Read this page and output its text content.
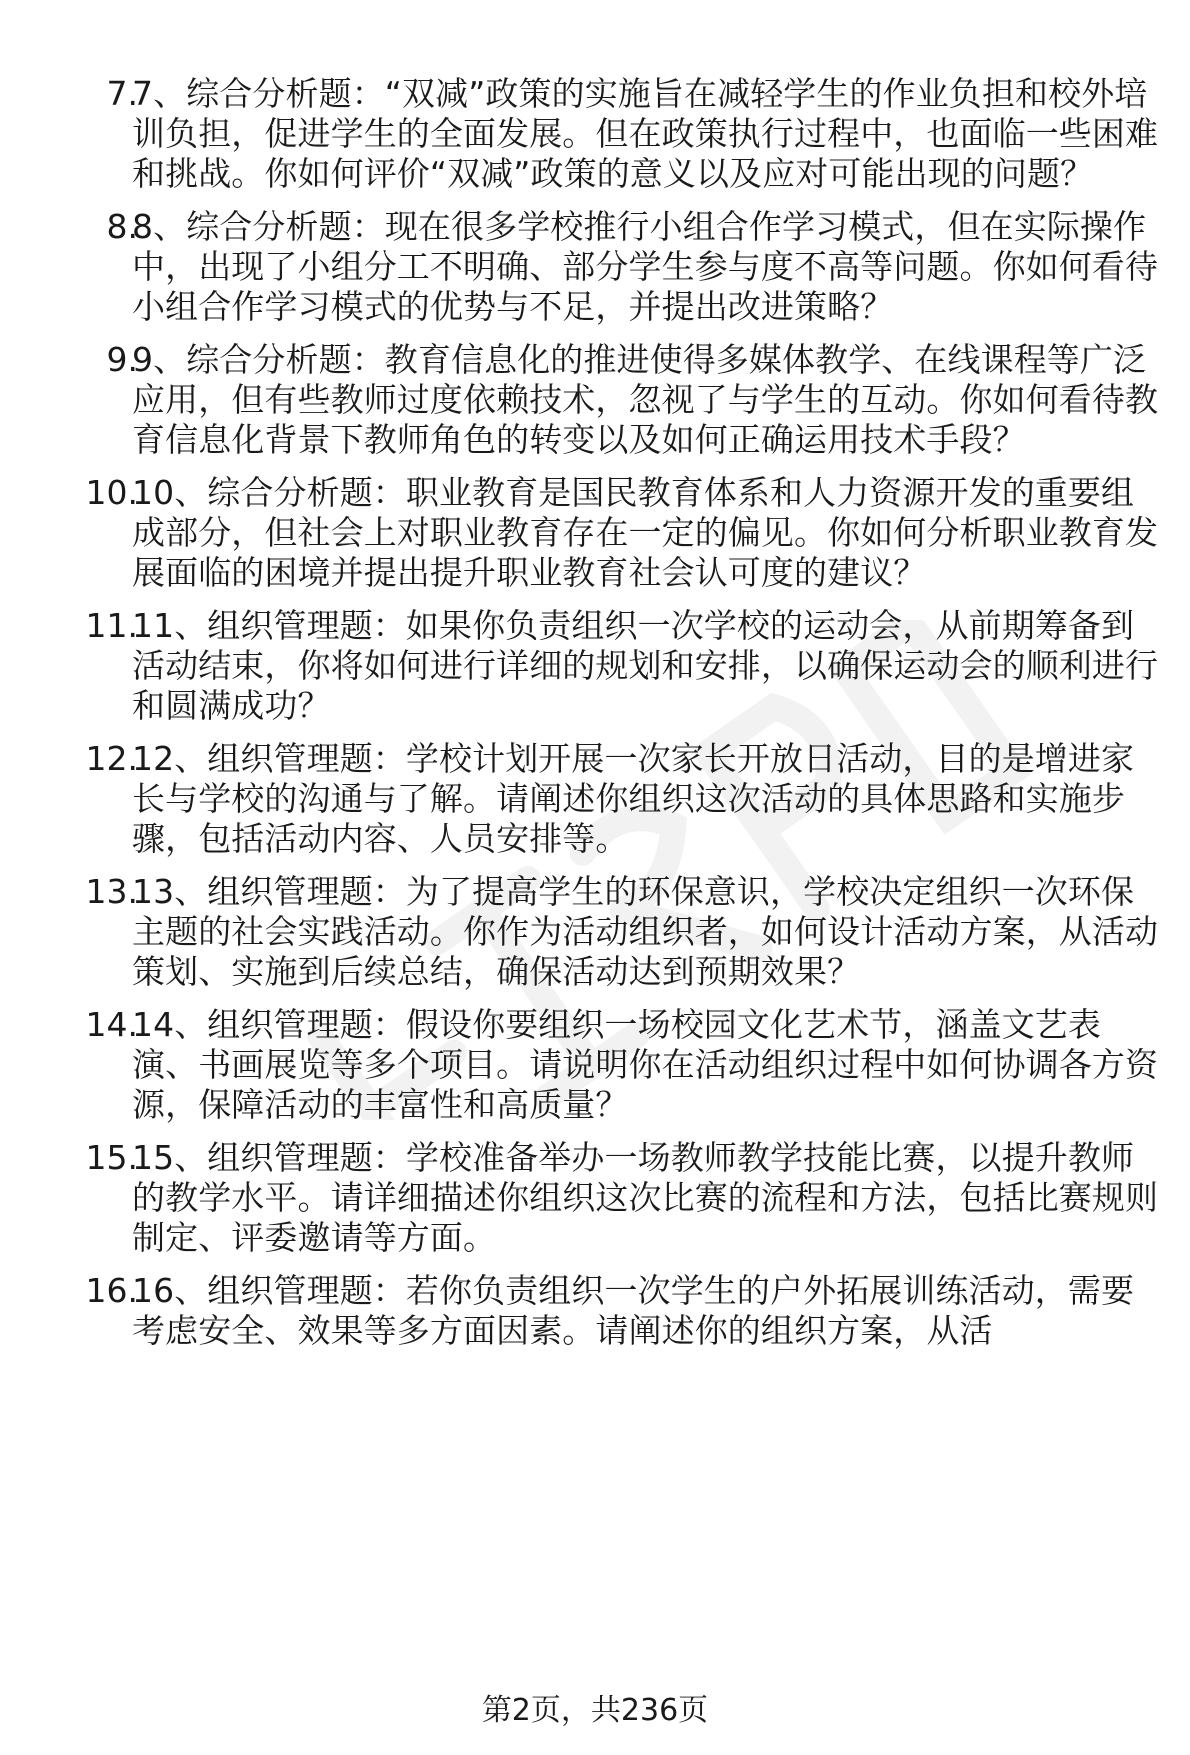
7.
7、综合分析题：“双减”政策的实施旨在减轻学生的作业负担和校外培训负担，促进学生的全面发展。但在政策执行过程中，也面临一些困难和挑战。你如何评价“双减”政策的意义以及应对可能出现的问题？
8.
8、综合分析题：现在很多学校推行小组合作学习模式，但在实际操作中，出现了小组分工不明确、部分学生参与度不高等问题。你如何看待小组合作学习模式的优势与不足，并提出改进策略？
9.
9、综合分析题：教育信息化的推进使得多媒体教学、在线课程等广泛应用，但有些教师过度依赖技术，忽视了与学生的互动。你如何看待教育信息化背景下教师角色的转变以及如何正确运用技术手段？
10.
10、综合分析题：职业教育是国民教育体系和人力资源开发的重要组成部分，但社会上对职业教育存在一定的偏见。你如何分析职业教育发展面临的困境并提出提升职业教育社会认可度的建议？
11.
11、组织管理题：如果你负责组织一次学校的运动会，从前期筹备到活动结束，你将如何进行详细的规划和安排，以确保运动会的顺利进行和圆满成功？
12.
12、组织管理题：学校计划开展一次家长开放日活动，目的是增进家长与学校的沟通与了解。请阐述你组织这次活动的具体思路和实施步骤，包括活动内容、人员安排等。
13.
13、组织管理题：为了提高学生的环保意识，学校决定组织一次环保主题的社会实践活动。你作为活动组织者，如何设计活动方案，从活动策划、实施到后续总结，确保活动达到预期效果？
14.
14、组织管理题：假设你要组织一场校园文化艺术节，涵盖文艺表演、书画展览等多个项目。请说明你在活动组织过程中如何协调各方资源，保障活动的丰富性和高质量？
15.
15、组织管理题：学校准备举办一场教师教学技能比赛，以提升教师的教学水平。请详细描述你组织这次比赛的流程和方法，包括比赛规则制定、评委邀请等方面。
16.
16、组织管理题：若你负责组织一次学生的户外拓展训练活动，需要考虑安全、效果等多方面因素。请阐述你的组织方案，从活
第2页，共236页
